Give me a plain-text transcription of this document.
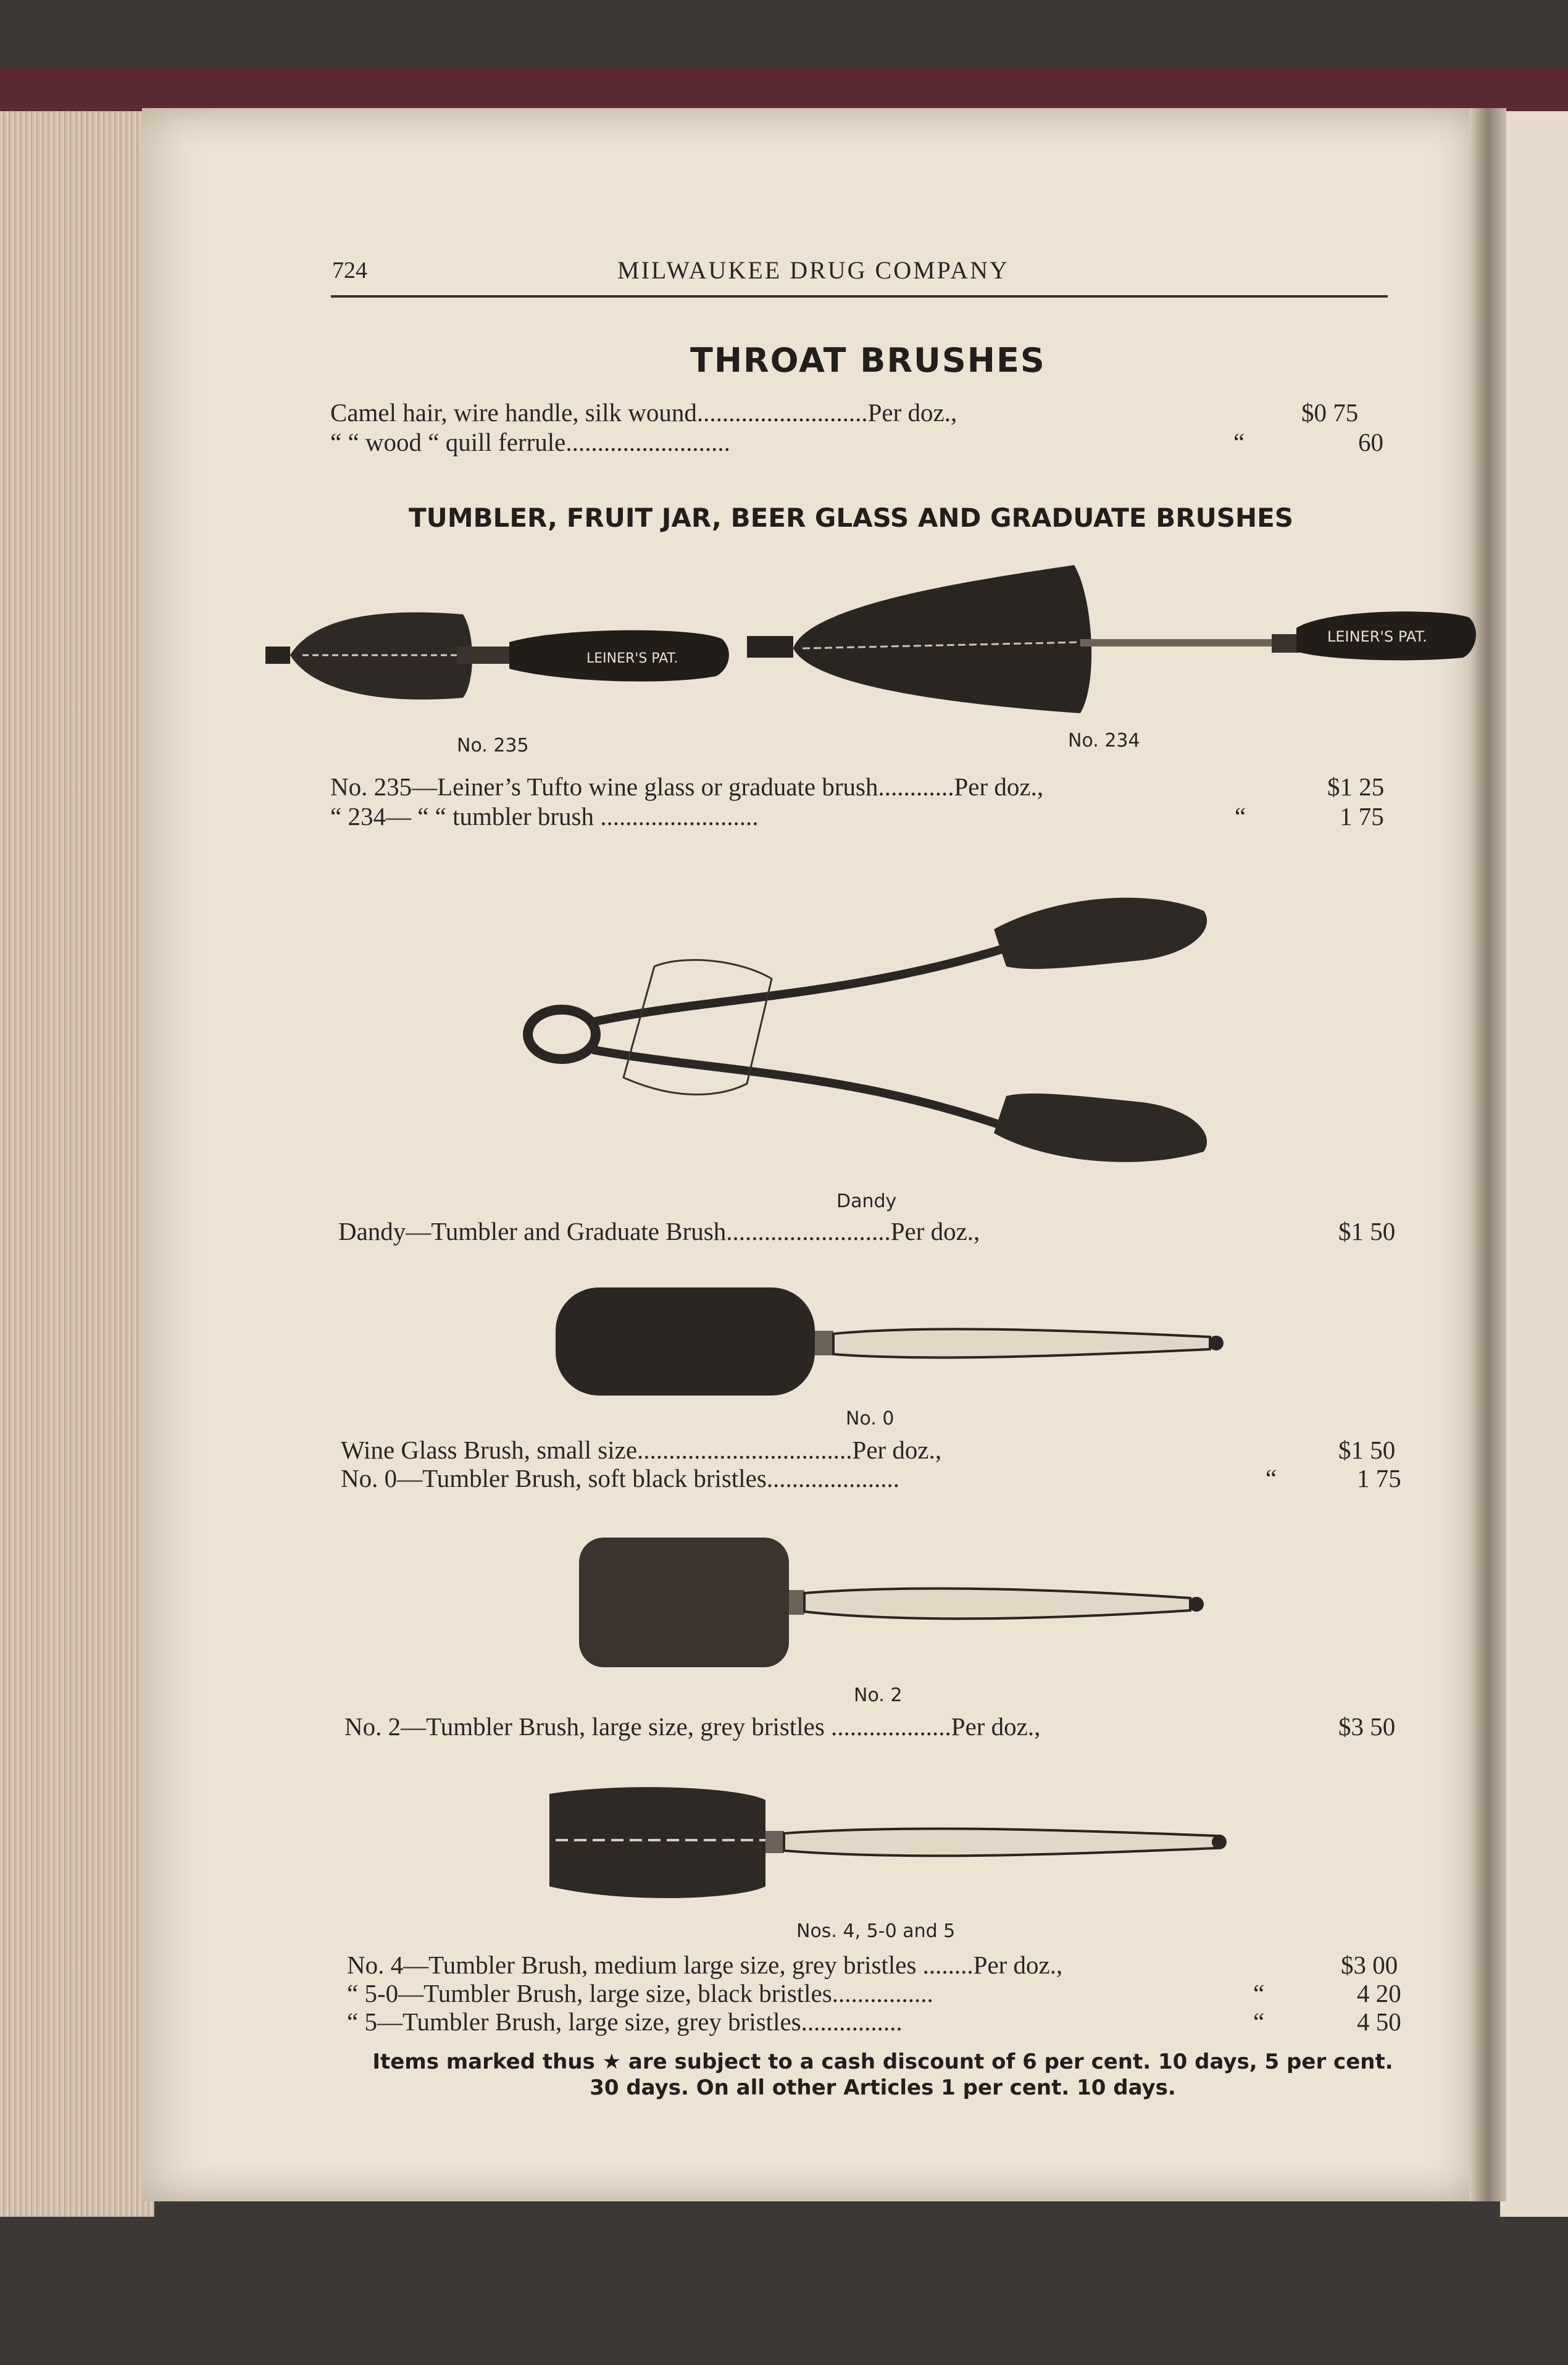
724	MILWAUKEE DRUG COMPANY
THROAT BRUSHES
Camel hair, wire handle, silk wound...........................Per doz.,	$0 75
“ “ wood “ quill ferrule..........................	“	60
TUMBLER, FRUIT JAR, BEER GLASS AND GRADUATE BRUSHES
LEINER'S PAT.
LEINER'S PAT.
No. 235	No. 234
No. 235—Leiner’s Tufto wine glass or graduate brush............Per doz.,	$1 25
“ 234— “ “ tumbler brush .........................	“	1 75
Dandy
Dandy—Tumbler and Graduate Brush..........................Per doz.,	$1 50
No. 0
Wine Glass Brush, small size..................................Per doz.,	$1 50
No. 0—Tumbler Brush, soft black bristles.....................	“	1 75
No. 2
No. 2—Tumbler Brush, large size, grey bristles ...................Per doz.,	$3 50
Nos. 4, 5-0 and 5
No. 4—Tumbler Brush, medium large size, grey bristles ........Per doz.,	$3 00
“ 5-0—Tumbler Brush, large size, black bristles................	“	4 20
“ 5—Tumbler Brush, large size, grey bristles................	“	4 50
Items marked thus ★ are subject to a cash discount of 6 per cent. 10 days, 5 per cent.
30 days. On all other Articles 1 per cent. 10 days.
